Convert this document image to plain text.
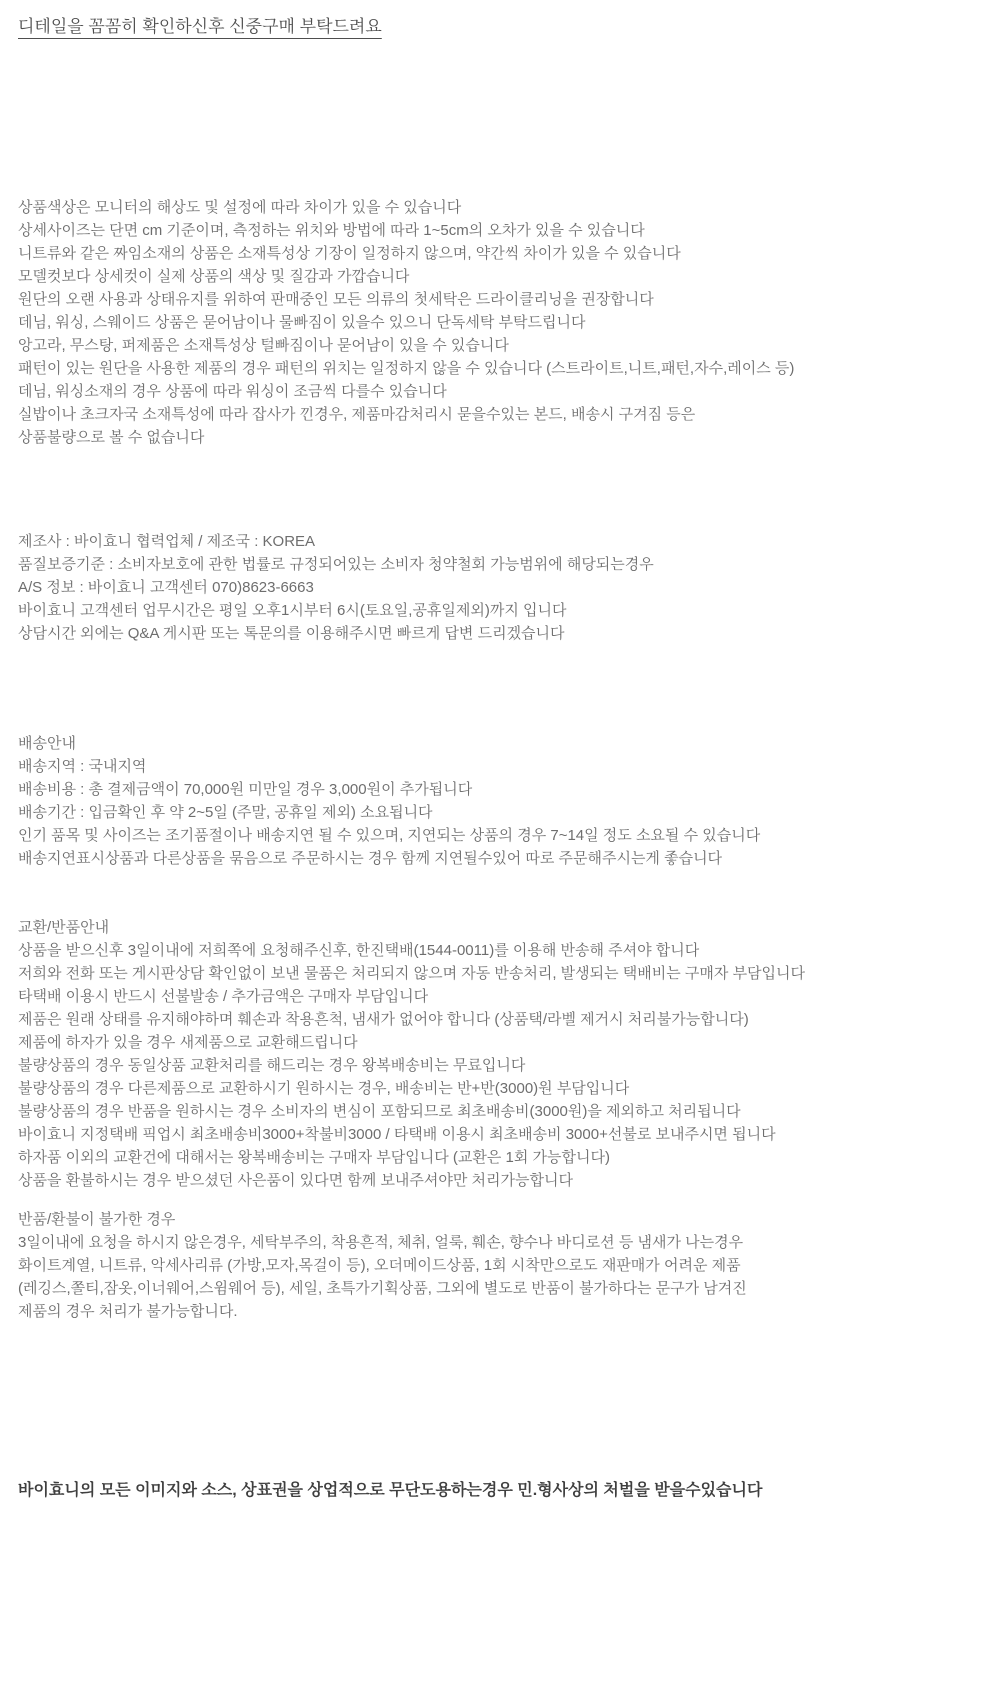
디테일을 꼼꼼히 확인하신후 신중구매 부탁드려요
상품색상은 모니터의 해상도 및 설정에 따라 차이가 있을 수 있습니다
상세사이즈는 단면 cm 기준이며, 측정하는 위치와 방법에 따라 1~5cm의 오차가 있을 수 있습니다
니트류와 같은 짜임소재의 상품은 소재특성상 기장이 일정하지 않으며, 약간씩 차이가 있을 수 있습니다
모델컷보다 상세컷이 실제 상품의 색상 및 질감과 가깝습니다
원단의 오랜 사용과 상태유지를 위하여 판매중인 모든 의류의 첫세탁은 드라이클리닝을 권장합니다
데님, 워싱, 스웨이드 상품은 묻어남이나 물빠짐이 있을수 있으니 단독세탁 부탁드립니다
앙고라, 무스탕, 퍼제품은 소재특성상 털빠짐이나 묻어남이 있을 수 있습니다
패턴이 있는 원단을 사용한 제품의 경우 패턴의 위치는 일정하지 않을 수 있습니다 (스트라이트,니트,패턴,자수,레이스 등)
데님, 워싱소재의 경우 상품에 따라 워싱이 조금씩 다를수 있습니다
실밥이나 초크자국 소재특성에 따라 잡사가 낀경우, 제품마감처리시 묻을수있는 본드, 배송시 구겨짐 등은
상품불량으로 볼 수 없습니다
제조사 : 바이효니 협력업체 / 제조국 : KOREA
품질보증기준 : 소비자보호에 관한 법률로 규정되어있는 소비자 청약철회 가능범위에 해당되는경우
A/S 정보 : 바이효니 고객센터 070)8623-6663
바이효니 고객센터 업무시간은 평일 오후1시부터 6시(토요일,공휴일제외)까지 입니다
상담시간 외에는 Q&A 게시판 또는 톡문의를 이용해주시면 빠르게 답변 드리겠습니다
배송안내
배송지역 : 국내지역
배송비용 : 총 결제금액이 70,000원 미만일 경우 3,000원이 추가됩니다
배송기간 : 입금확인 후 약 2~5일 (주말, 공휴일 제외) 소요됩니다
인기 품목 및 사이즈는 조기품절이나 배송지연 될 수 있으며, 지연되는 상품의 경우 7~14일 정도 소요될 수 있습니다
배송지연표시상품과 다른상품을 묶음으로 주문하시는 경우 함께 지연될수있어 따로 주문해주시는게 좋습니다
교환/반품안내
상품을 받으신후 3일이내에 저희쪽에 요청해주신후, 한진택배(1544-0011)를 이용해 반송해 주셔야 합니다
저희와 전화 또는 게시판상담 확인없이 보낸 물품은 처리되지 않으며 자동 반송처리, 발생되는 택배비는 구매자 부담입니다
타택배 이용시 반드시 선불발송 / 추가금액은 구매자 부담입니다
제품은 원래 상태를 유지해야하며 훼손과 착용흔척, 냄새가 없어야 합니다 (상품택/라벨 제거시 처리불가능합니다)
제품에 하자가 있을 경우 새제품으로 교환해드립니다
불량상품의 경우 동일상품 교환처리를 해드리는 경우 왕복배송비는 무료입니다
불량상품의 경우 다른제품으로 교환하시기 원하시는 경우, 배송비는 반+반(3000)원 부담입니다
불량상품의 경우 반품을 원하시는 경우 소비자의 변심이 포함되므로 최초배송비(3000원)을 제외하고 처리됩니다
바이효니 지정택배 픽업시 최초배송비3000+착불비3000 / 타택배 이용시 최초배송비 3000+선불로 보내주시면 됩니다
하자품 이외의 교환건에 대해서는 왕복배송비는 구매자 부담입니다 (교환은 1회 가능합니다)
상품을 환불하시는 경우 받으셨던 사은품이 있다면 함께 보내주셔야만 처리가능합니다
반품/환불이 불가한 경우
3일이내에 요청을 하시지 않은경우, 세탁부주의, 착용흔적, 체취, 얼룩, 훼손, 향수나 바디로션 등 냄새가 나는경우
화이트계열, 니트류, 악세사리류 (가방,모자,목걸이 등), 오더메이드상품, 1회 시착만으로도 재판매가 어려운 제품
(레깅스,쫄티,잠옷,이너웨어,스윔웨어 등), 세일, 초특가기획상품, 그외에 별도로 반품이 불가하다는 문구가 남겨진
제품의 경우 처리가 불가능합니다.
바이효니의 모든 이미지와 소스, 상표권을 상업적으로 무단도용하는경우 민.형사상의 처벌을 받을수있습니다
